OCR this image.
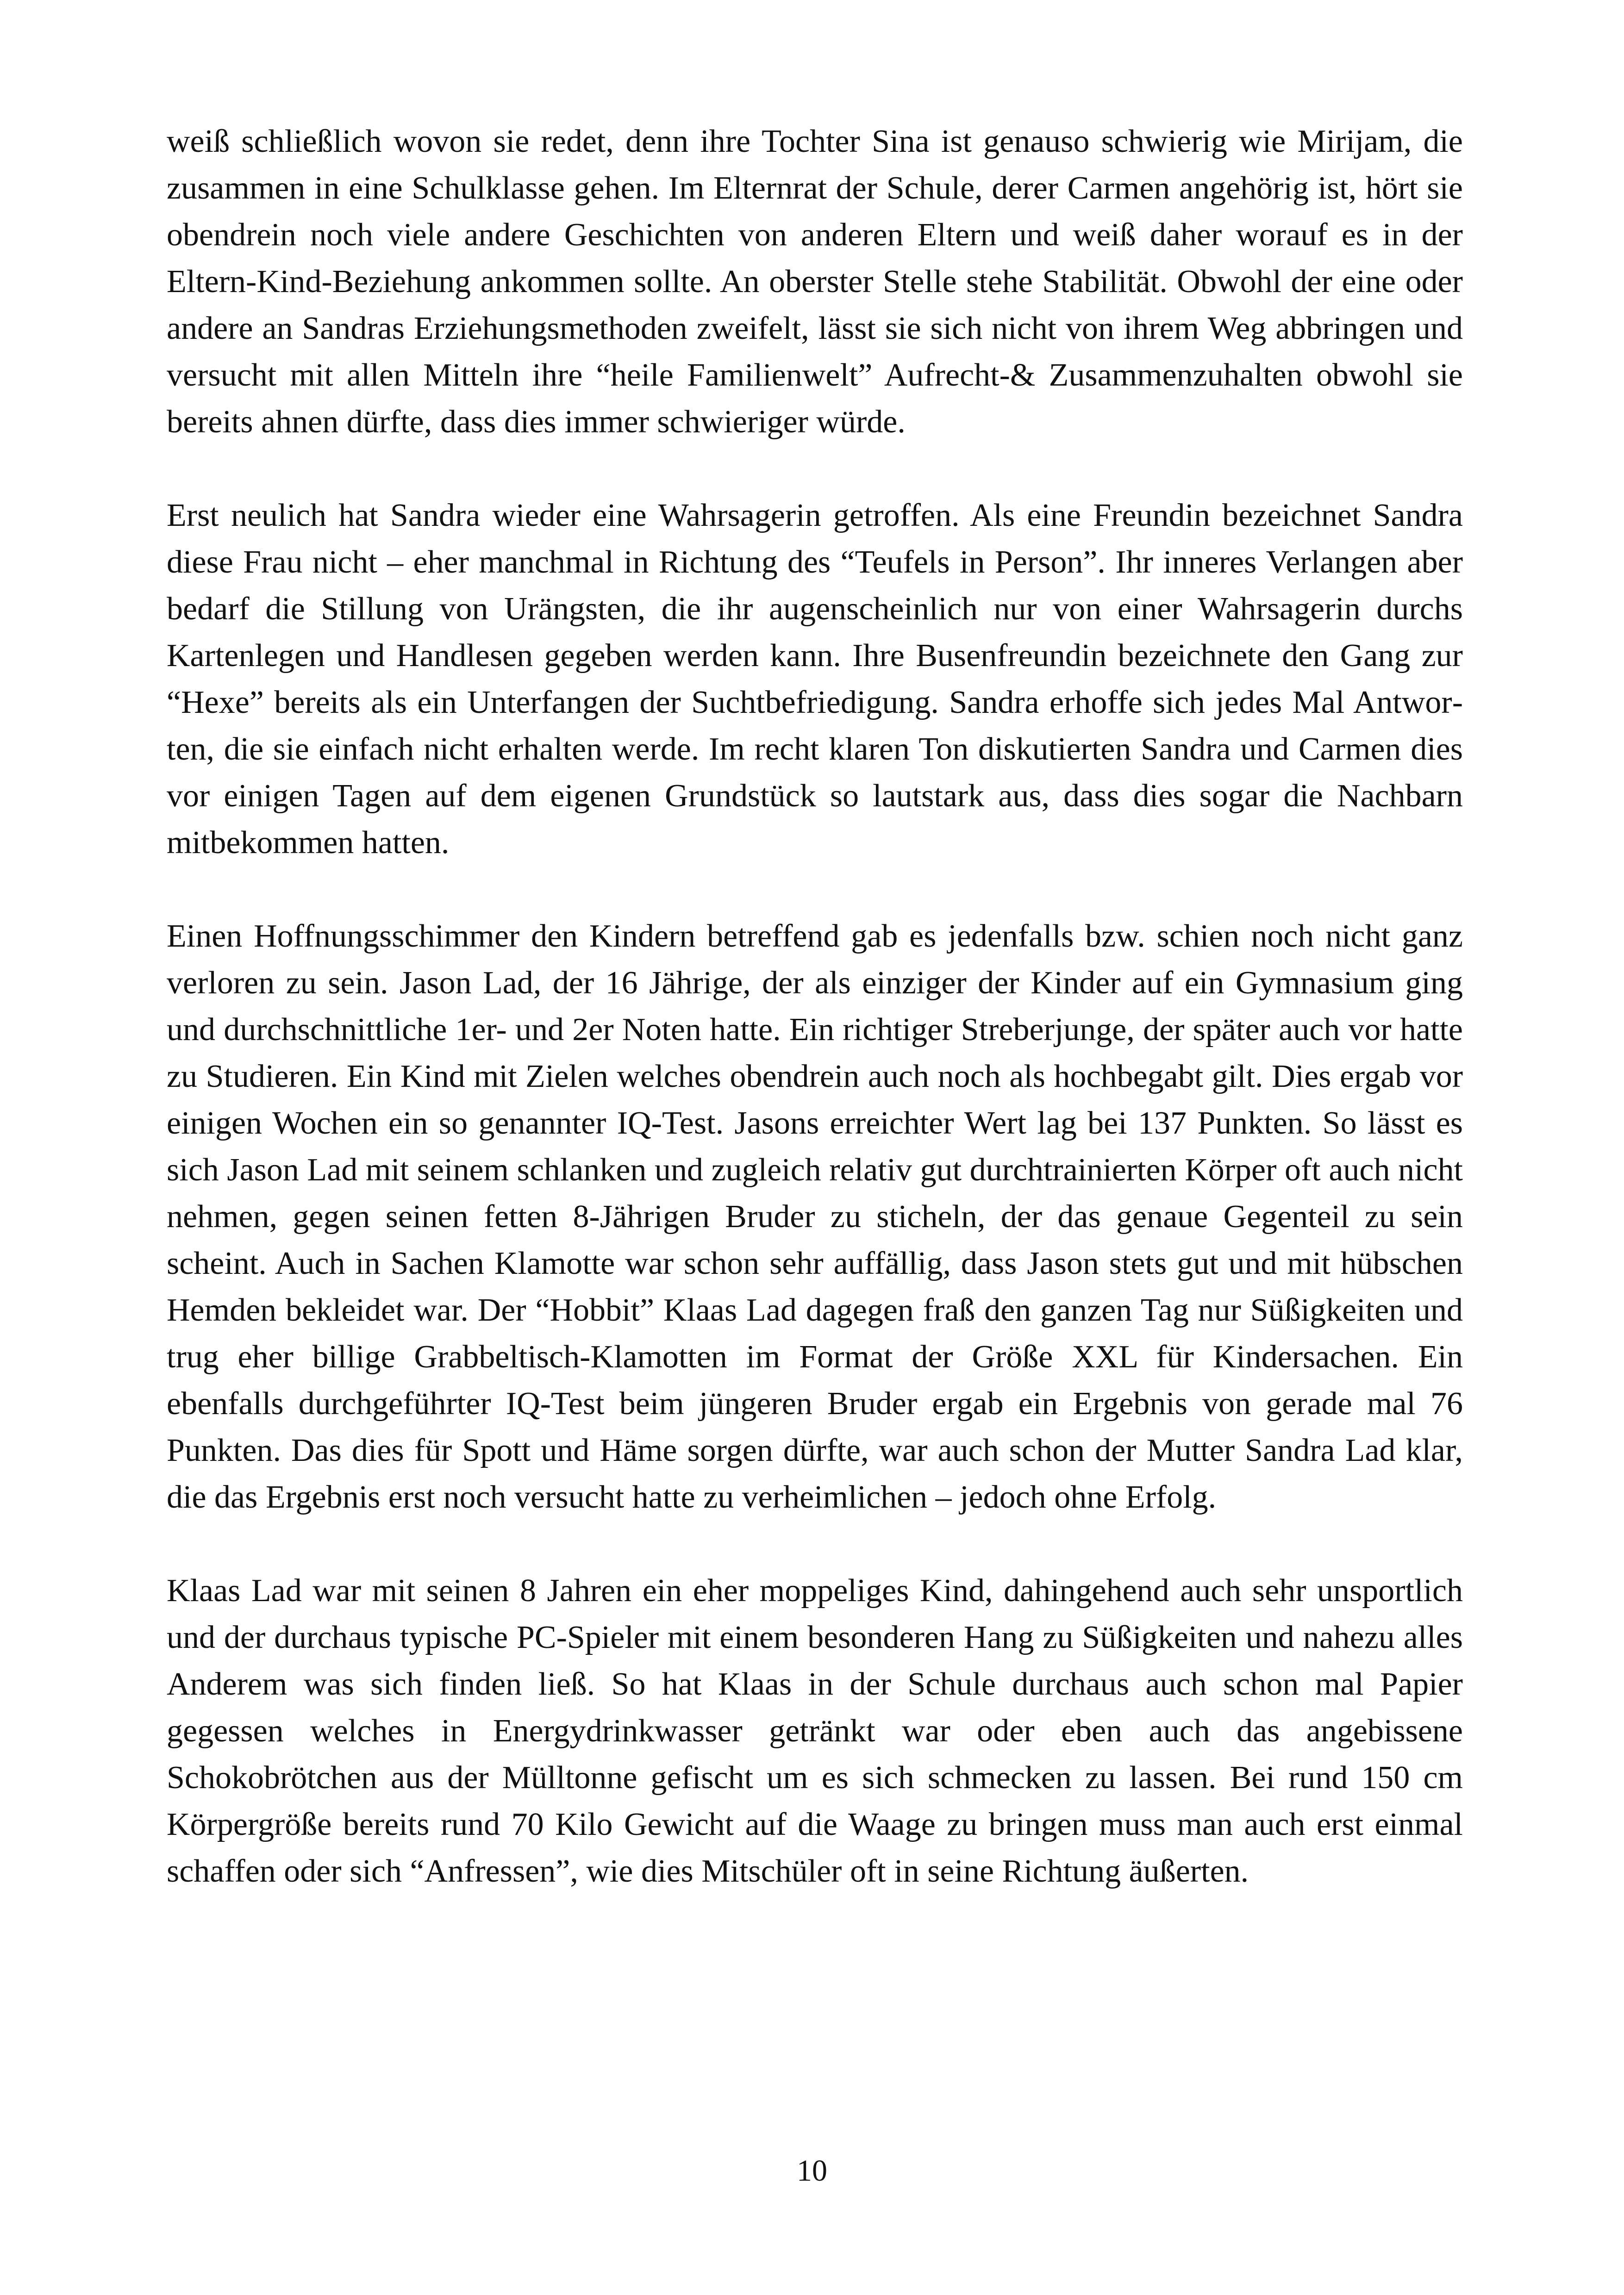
weiß schließlich wovon sie redet, denn ihre Tochter Sina ist genauso schwierig wie Mirijam, die zusammen in eine Schulklasse gehen. Im Elternrat der Schule, derer Carmen angehörig ist, hört sie obendrein noch viele andere Geschichten von anderen Eltern und weiß daher worauf es in der Eltern-Kind-Beziehung ankommen sollte. An oberster Stelle stehe Stabilität. Obwohl der eine oder andere an Sandras Erziehungsmethoden zweifelt, lässt sie sich nicht von ihrem Weg abbringen und versucht mit allen Mitteln ihre “heile Familienwelt” Aufrecht-& Zusammenzuhalten obwohl sie bereits ahnen dürfte, dass dies immer schwieriger würde.

Erst neulich hat Sandra wieder eine Wahrsagerin getroffen. Als eine Freundin bezeichnet Sandra diese Frau nicht – eher manchmal in Richtung des “Teufels in Person”. Ihr inneres Verlangen aber bedarf die Stillung von Urängsten, die ihr augenscheinlich nur von einer Wahrsagerin durchs Kartenlegen und Handlesen gegeben werden kann. Ihre Busenfreundin bezeichnete den Gang zur “Hexe” bereits als ein Unterfangen der Suchtbefriedigung. Sandra erhoffe sich jedes Mal Antworten, die sie einfach nicht erhalten werde. Im recht klaren Ton diskutierten Sandra und Carmen dies vor einigen Tagen auf dem eigenen Grundstück so lautstark aus, dass dies sogar die Nachbarn mitbekommen hatten.

Einen Hoffnungsschimmer den Kindern betreffend gab es jedenfalls bzw. schien noch nicht ganz verloren zu sein. Jason Lad, der 16 Jährige, der als einziger der Kinder auf ein Gymnasium ging und durchschnittliche 1er- und 2er Noten hatte. Ein richtiger Streberjunge, der später auch vor hatte zu Studieren. Ein Kind mit Zielen welches obendrein auch noch als hochbegabt gilt. Dies ergab vor einigen Wochen ein so genannter IQ-Test. Jasons erreichter Wert lag bei 137 Punkten. So lässt es sich Jason Lad mit seinem schlanken und zugleich relativ gut durchtrainierten Körper oft auch nicht nehmen, gegen seinen fetten 8-Jährigen Bruder zu sticheln, der das genaue Gegenteil zu sein scheint. Auch in Sachen Klamotte war schon sehr auffällig, dass Jason stets gut und mit hübschen Hemden bekleidet war. Der “Hobbit” Klaas Lad dagegen fraß den ganzen Tag nur Süßigkeiten und trug eher billige Grabbeltisch-Klamotten im Format der Größe XXL für Kindersachen. Ein ebenfalls durchgeführter IQ-Test beim jüngeren Bruder ergab ein Ergebnis von gerade mal 76 Punkten. Das dies für Spott und Häme sorgen dürfte, war auch schon der Mutter Sandra Lad klar, die das Ergebnis erst noch versucht hatte zu verheimlichen – jedoch ohne Erfolg.

Klaas Lad war mit seinen 8 Jahren ein eher moppeliges Kind, dahingehend auch sehr unsportlich und der durchaus typische PC-Spieler mit einem besonderen Hang zu Süßigkeiten und nahezu alles Anderem was sich finden ließ. So hat Klaas in der Schule durchaus auch schon mal Papier gegessen welches in Energydrinkwasser getränkt war oder eben auch das angebissene Schokobrötchen aus der Mülltonne gefischt um es sich schmecken zu lassen. Bei rund 150 cm Körpergröße bereits rund 70 Kilo Gewicht auf die Waage zu bringen muss man auch erst einmal schaffen oder sich “Anfressen”, wie dies Mitschüler oft in seine Richtung äußerten.

10
